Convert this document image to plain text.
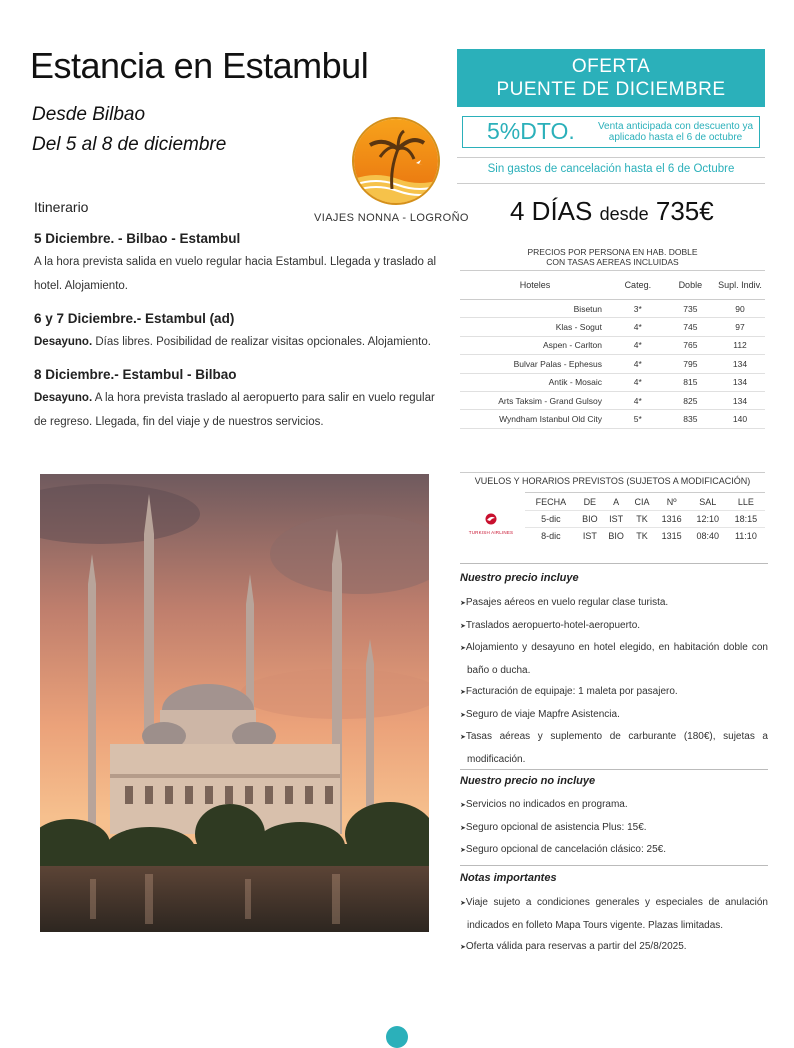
Estancia en Estambul
Desde Bilbao
Del 5 al 8 de diciembre
VIAJES NONNA - LOGROÑO
OFERTA
PUENTE DE DICIEMBRE
5%DTO.	Venta anticipada con descuento ya aplicado hasta el 6 de octubre
Sin gastos de cancelación hasta el 6 de Octubre
4 DÍAS desde 735€
Itinerario
5 Diciembre. - Bilbao - Estambul
A la hora prevista salida en vuelo regular hacia Estambul. Llegada y traslado al hotel. Alojamiento.
6 y 7 Diciembre.- Estambul (ad)
Desayuno. Días libres. Posibilidad de realizar visitas opcionales. Alojamiento.
8 Diciembre.- Estambul - Bilbao
Desayuno. A la hora prevista traslado al aeropuerto para salir en vuelo regular de regreso. Llegada, fin del viaje y de nuestros servicios.
PRECIOS POR PERSONA EN HAB. DOBLE
CON TASAS AEREAS INCLUIDAS
Hoteles	Categ.	Doble	Supl. Indiv.
Bisetun	3*	735	90
Klas - Sogut	4*	745	97
Aspen - Carlton	4*	765	112
Bulvar Palas - Ephesus	4*	795	134
Antik - Mosaic	4*	815	134
Arts Taksim - Grand Gulsoy	4*	825	134
Wyndham Istanbul Old City	5*	835	140
VUELOS Y HORARIOS PREVISTOS (SUJETOS A MODIFICACIÓN)
TURKISH AIRLINES
FECHA	DE	A	CIA	Nº	SAL	LLE
5-dic	BIO	IST	TK	1316	12:10	18:15
8-dic	IST	BIO	TK	1315	08:40	11:10
Nuestro precio incluye
➤Pasajes aéreos en vuelo regular clase turista.
➤Traslados aeropuerto-hotel-aeropuerto.
➤Alojamiento y desayuno en hotel elegido, en habitación doble con baño o ducha.
➤Facturación de equipaje: 1 maleta por pasajero.
➤Seguro de viaje Mapfre Asistencia.
➤Tasas aéreas y suplemento de carburante (180€), sujetas a modificación.
Nuestro precio no incluye
➤Servicios no indicados en programa.
➤Seguro opcional de asistencia Plus: 15€.
➤Seguro opcional de cancelación clásico: 25€.
Notas importantes
➤Viaje sujeto a condiciones generales y especiales de anulación indicados en folleto Mapa Tours vigente. Plazas limitadas.
➤Oferta válida para reservas a partir del 25/8/2025.
